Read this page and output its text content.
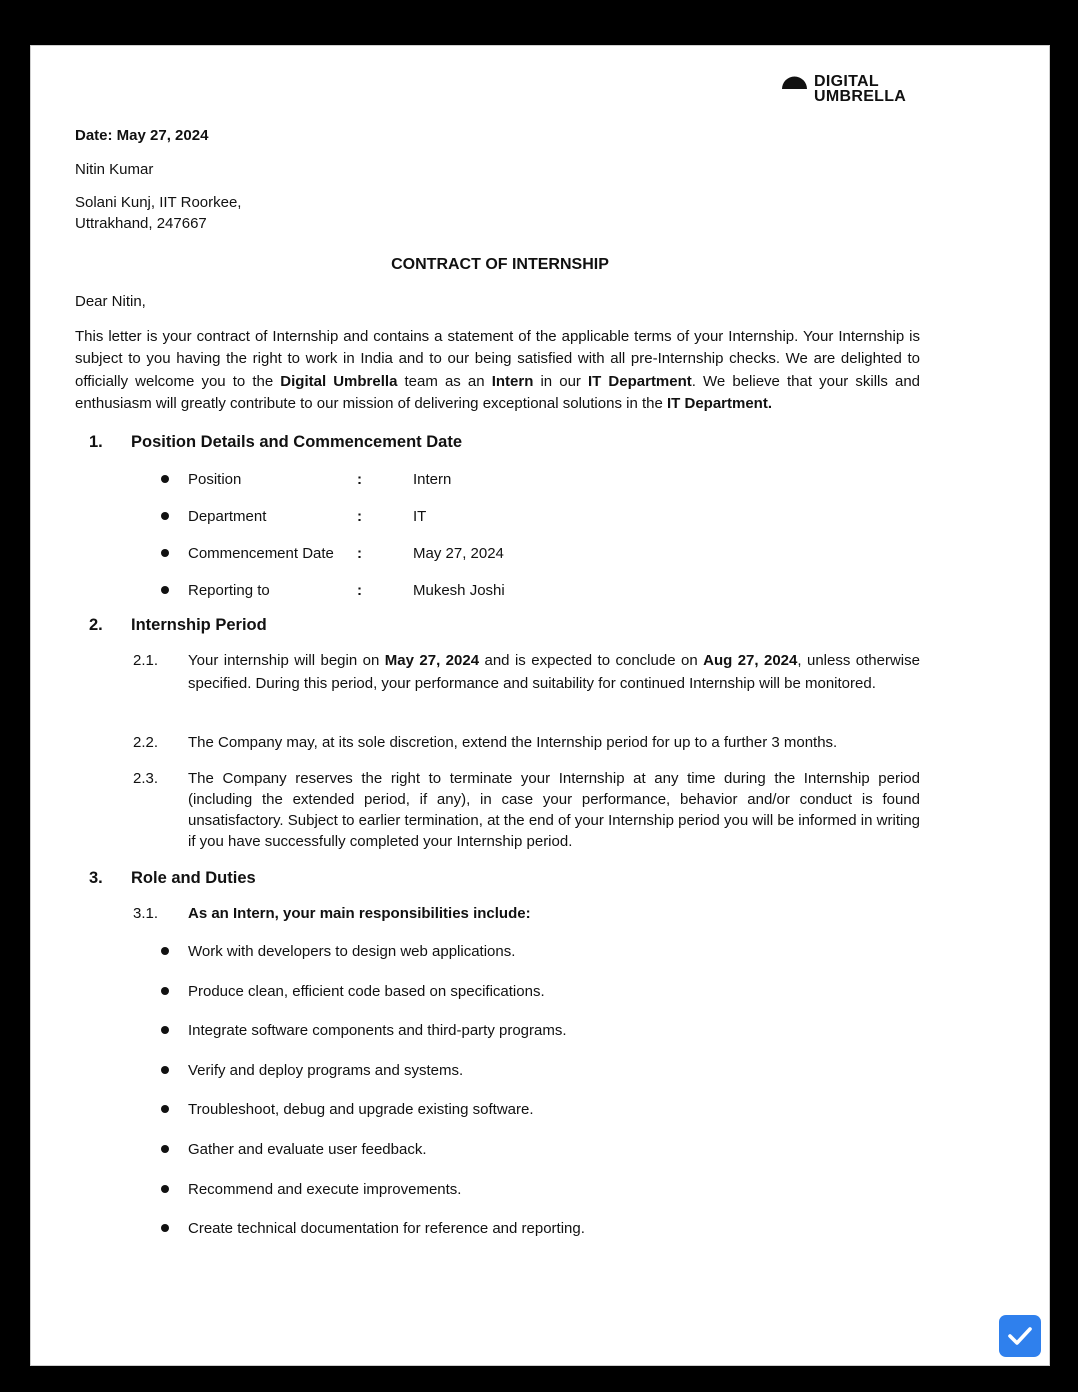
DIGITAL
UMBRELLA
Date: May 27, 2024
Nitin Kumar
Solani Kunj, IIT Roorkee,
Uttrakhand, 247667
CONTRACT OF INTERNSHIP
Dear Nitin,
This letter is your contract of Internship and contains a statement of the applicable terms of your Internship. Your Internship is subject to you having the right to work in India and to our being satisfied with all pre-Internship checks. We are delighted to officially welcome you to the Digital Umbrella team as an Intern in our IT Department. We believe that your skills and enthusiasm will greatly contribute to our mission of delivering exceptional solutions in the IT Department.
1. Position Details and Commencement Date
Position	:	Intern
Department	:	IT
Commencement Date :	May 27, 2024
Reporting to	:	Mukesh Joshi
2. Internship Period
2.1. Your internship will begin on May 27, 2024 and is expected to conclude on Aug 27, 2024, unless otherwise specified. During this period, your performance and suitability for continued Internship will be monitored.
2.2. The Company may, at its sole discretion, extend the Internship period for up to a further 3 months.
2.3. The Company reserves the right to terminate your Internship at any time during the Internship period (including the extended period, if any), in case your performance, behavior and/or conduct is found unsatisfactory. Subject to earlier termination, at the end of your Internship period you will be informed in writing if you have successfully completed your Internship period.
3. Role and Duties
3.1. As an Intern, your main responsibilities include:
Work with developers to design web applications.
Produce clean, efficient code based on specifications.
Integrate software components and third-party programs.
Verify and deploy programs and systems.
Troubleshoot, debug and upgrade existing software.
Gather and evaluate user feedback.
Recommend and execute improvements.
Create technical documentation for reference and reporting.
